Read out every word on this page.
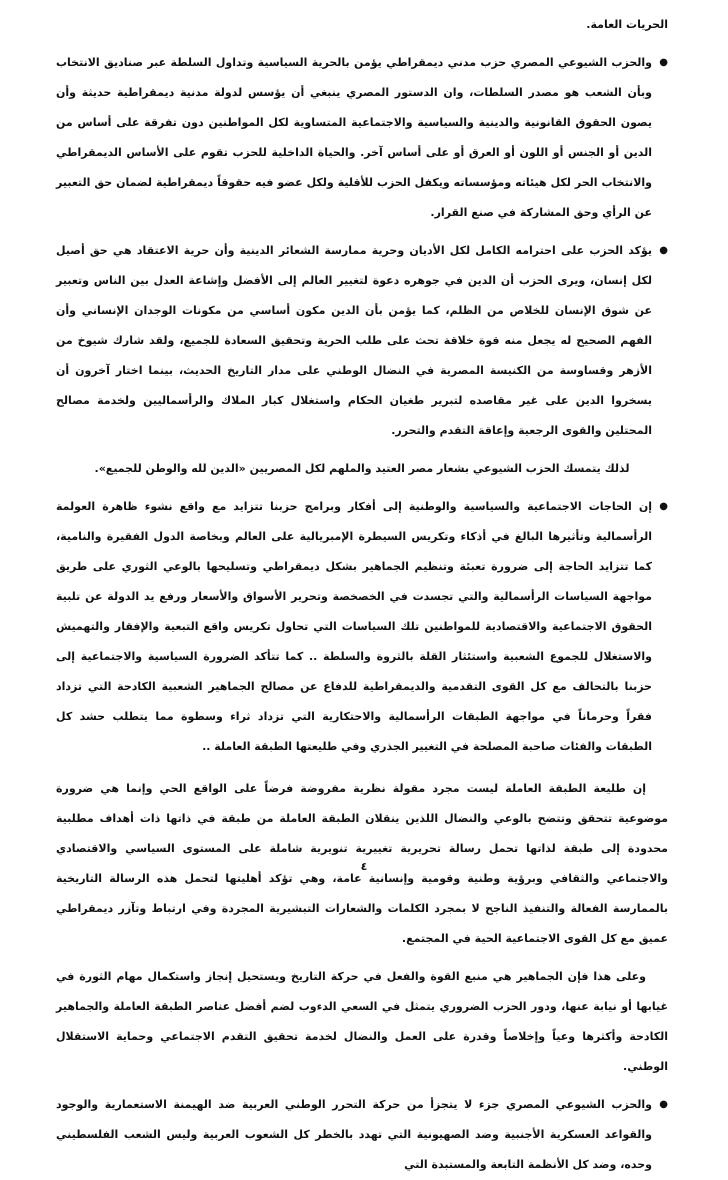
الحريات العامة.

● والحزب الشيوعي المصري حزب مدني ديمقراطي يؤمن بالحرية السياسية وتداول السلطة عبر صناديق الانتخاب وبأن الشعب هو مصدر السلطات، وان الدستور المصري ينبغي أن يؤسس لدولة مدنية ديمقراطية حديثة وأن يصون الحقوق القانونية والدينية والسياسية والاجتماعية المتساوية لكل المواطنين دون تفرقة على أساس من الدين أو الجنس أو اللون أو العرق أو على أساس آخر. والحياة الداخلية للحزب تقوم على الأساس الديمقراطي والانتخاب الحر لكل هيئاته ومؤسساته ويكفل الحزب للأقلية ولكل عضو فيه حقوقاً ديمقراطية لضمان حق التعبير عن الرأي وحق المشاركة في صنع القرار.

● يؤكد الحزب على احترامه الكامل لكل الأديان وحرية ممارسة الشعائر الدينية وأن حرية الاعتقاد هي حق أصيل لكل إنسان، ويرى الحزب أن الدين في جوهره دعوة لتغيير العالم إلى الأفضل وإشاعة العدل بين الناس وتعبير عن شوق الإنسان للخلاص من الظلم، كما يؤمن بأن الدين مكون أساسي من مكونات الوجدان الإنساني وأن الفهم الصحيح له يجعل منه قوة خلاقة تحث على طلب الحرية وتحقيق السعادة للجميع، ولقد شارك شيوخ من الأزهر وقساوسة من الكنيسة المصرية في النضال الوطني على مدار التاريخ الحديث، بينما اختار آخرون أن يسخروا الدين على غير مقاصده لتبرير طغيان الحكام واستغلال كبار الملاك والرأسماليين ولخدمة مصالح المحتلين والقوى الرجعية وإعاقة التقدم والتحرر.

لذلك يتمسك الحزب الشيوعي بشعار مصر العتيد والملهم لكل المصريين «الدين لله والوطن للجميع».

● إن الحاجات الاجتماعية والسياسية والوطنية إلى أفكار وبرامج حزبنا تتزايد مع واقع نشوء ظاهرة العولمة الرأسمالية وتأثيرها البالغ في أذكاء وتكريس السيطرة الإمبريالية على العالم وبخاصة الدول الفقيرة والنامية، كما تتزايد الحاجة إلى ضرورة تعبئة وتنظيم الجماهير بشكل ديمقراطي وتسليحها بالوعي الثوري على طريق مواجهة السياسات الرأسمالية والتي تجسدت في الخصخصة وتحرير الأسواق والأسعار ورفع يد الدولة عن تلبية الحقوق الاجتماعية والاقتصادية للمواطنين تلك السياسات التي تحاول تكريس واقع التبعية والإفقار والتهميش والاستغلال للجموع الشعبية واستئثار القلة بالثروة والسلطة .. كما تتأكد الضرورة السياسية والاجتماعية إلى حزبنا بالتحالف مع كل القوى التقدمية والديمقراطية للدفاع عن مصالح الجماهير الشعبية الكادحة التي تزداد فقراً وحرماناً في مواجهة الطبقات الرأسمالية والاحتكارية التي تزداد ثراء وسطوة مما يتطلب حشد كل الطبقات والفئات صاحبة المصلحة في التغيير الجذري وفي طليعتها الطبقة العاملة ..

إن طليعة الطبقة العاملة ليست مجرد مقولة نظرية مفروضة فرضاً على الواقع الحي وإنما هي ضرورة موضوعية تتحقق وتتضح بالوعي والنضال اللذين ينقلان الطبقة العاملة من طبقة في ذاتها ذات أهداف مطلبية محدودة إلى طبقة لذاتها تحمل رسالة تحريرية تغييرية تنويرية شاملة على المستوى السياسي والاقتصادي والاجتماعي والثقافي وبرؤية وطنية وقومية وإنسانية عامة، وهي تؤكد أهليتها لتحمل هذه الرسالة التاريخية بالممارسة الفعالة والتنفيذ الناجح لا بمجرد الكلمات والشعارات التبشيرية المجردة وفي ارتباط وتآزر ديمقراطي عميق مع كل القوى الاجتماعية الحية في المجتمع.

وعلى هذا فإن الجماهير هي منبع القوة والفعل في حركة التاريخ ويستحيل إنجاز واستكمال مهام الثورة في غيابها أو نيابة عنها، ودور الحزب الضروري يتمثل في السعي الدءوب لضم أفضل عناصر الطبقة العاملة والجماهير الكادحة وأكثرها وعياً وإخلاصاً وقدرة على العمل والنضال لخدمة تحقيق التقدم الاجتماعي وحماية الاستقلال الوطني.

● والحزب الشيوعي المصري جزء لا يتجزأ من حركة التحرر الوطني العربية ضد الهيمنة الاستعمارية والوجود والقواعد العسكرية الأجنبية وضد الصهيونية التي تهدد بالخطر كل الشعوب العربية وليس الشعب الفلسطيني وحده، وضد كل الأنظمة التابعة والمستبدة التي

٤
